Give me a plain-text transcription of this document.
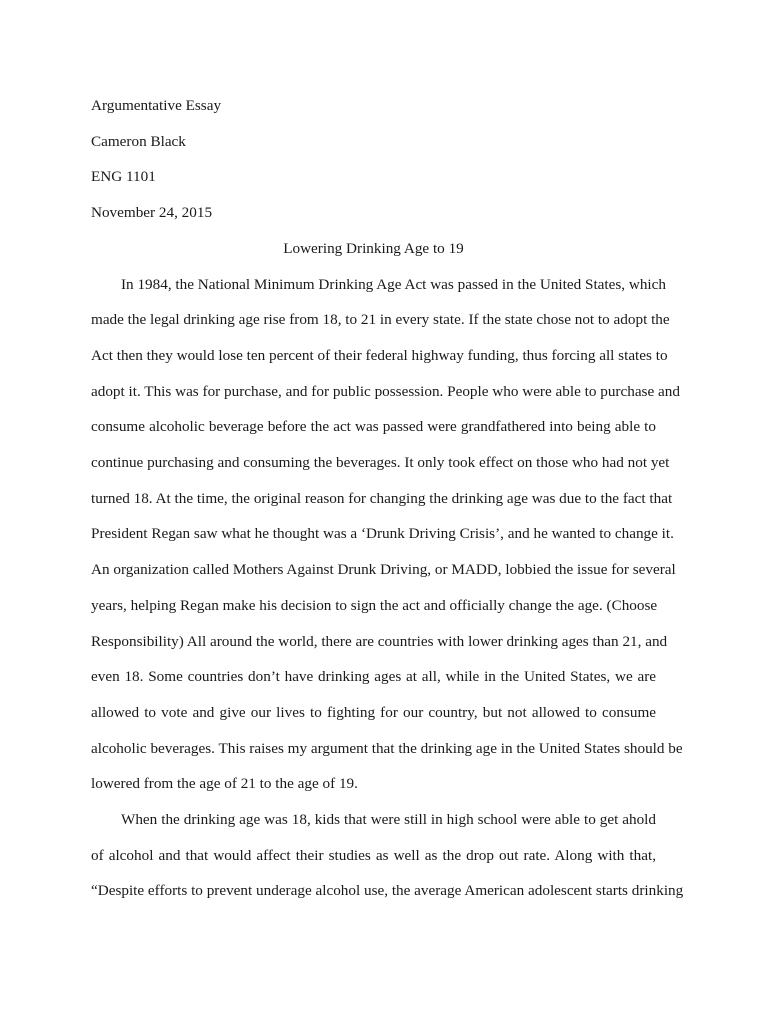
Argumentative Essay

Cameron Black

ENG 1101

November 24, 2015

Lowering Drinking Age to 19

In 1984, the National Minimum Drinking Age Act was passed in the United States, which
made the legal drinking age rise from 18, to 21 in every state. If the state chose not to adopt the
Act then they would lose ten percent of their federal highway funding, thus forcing all states to
adopt it. This was for purchase, and for public possession. People who were able to purchase and
consume alcoholic beverage before the act was passed were grandfathered into being able to
continue purchasing and consuming the beverages. It only took effect on those who had not yet
turned 18. At the time, the original reason for changing the drinking age was due to the fact that
President Regan saw what he thought was a ‘Drunk Driving Crisis’, and he wanted to change it.
An organization called Mothers Against Drunk Driving, or MADD, lobbied the issue for several
years, helping Regan make his decision to sign the act and officially change the age. (Choose
Responsibility) All around the world, there are countries with lower drinking ages than 21, and
even 18. Some countries don’t have drinking ages at all, while in the United States, we are
allowed to vote and give our lives to fighting for our country, but not allowed to consume
alcoholic beverages. This raises my argument that the drinking age in the United States should be
lowered from the age of 21 to the age of 19.
When the drinking age was 18, kids that were still in high school were able to get ahold
of alcohol and that would affect their studies as well as the drop out rate. Along with that,
“Despite efforts to prevent underage alcohol use, the average American adolescent starts drinking
